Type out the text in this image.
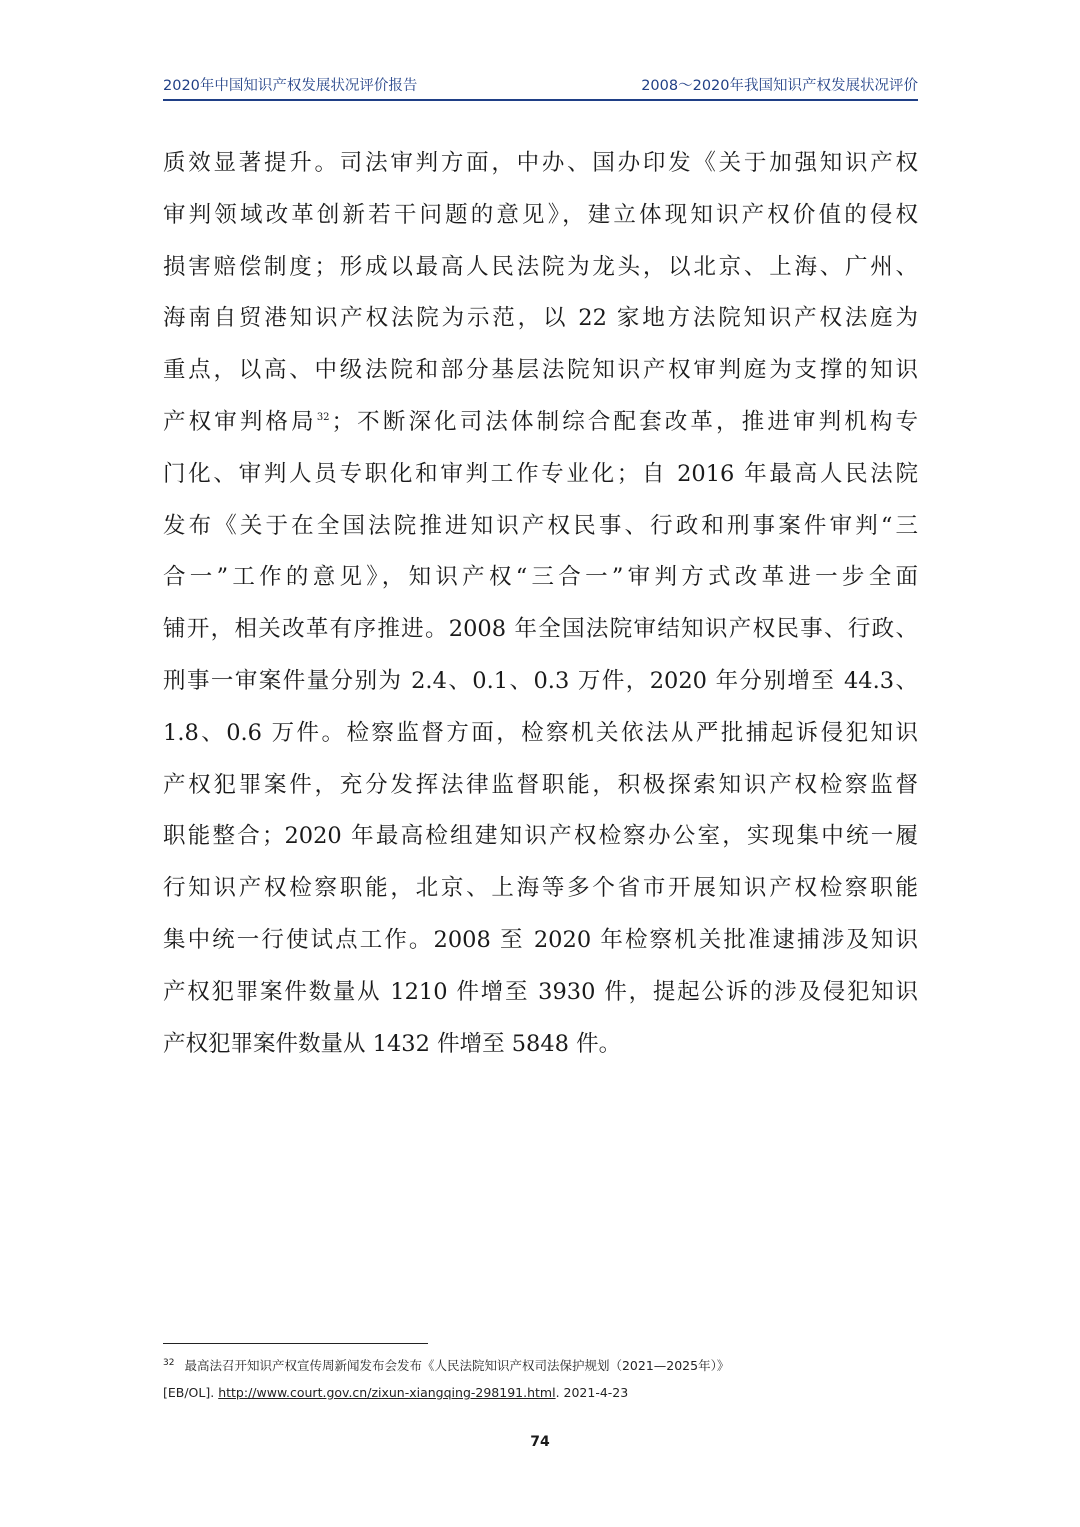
2020年中国知识产权发展状况评价报告	2008～2020年我国知识产权发展状况评价
质效显著提升。司法审判方面，中办、国办印发《关于加强知识产权
审判领域改革创新若干问题的意见》，建立体现知识产权价值的侵权
损害赔偿制度；形成以最高人民法院为龙头，以北京、上海、广州、
海南自贸港知识产权法院为示范，以 22 家地方法院知识产权法庭为
重点，以高、中级法院和部分基层法院知识产权审判庭为支撑的知识
产权审判格局$^{32}$；不断深化司法体制综合配套改革，推进审判机构专
门化、审判人员专职化和审判工作专业化；自 2016 年最高人民法院
发布《关于在全国法院推进知识产权民事、行政和刑事案件审判“三
合一”工作的意见》，知识产权“三合一”审判方式改革进一步全面
铺开，相关改革有序推进。2008 年全国法院审结知识产权民事、行政、
刑事一审案件量分别为 2.4、0.1、0.3 万件，2020 年分别增至 44.3、
1.8、0.6 万件。检察监督方面，检察机关依法从严批捕起诉侵犯知识
产权犯罪案件，充分发挥法律监督职能，积极探索知识产权检察监督
职能整合；2020 年最高检组建知识产权检察办公室，实现集中统一履
行知识产权检察职能，北京、上海等多个省市开展知识产权检察职能
集中统一行使试点工作。2008 至 2020 年检察机关批准逮捕涉及知识
产权犯罪案件数量从 1210 件增至 3930 件，提起公诉的涉及侵犯知识
产权犯罪案件数量从 1432 件增至 5848 件。
$^{32}$ 最高法召开知识产权宣传周新闻发布会发布《人民法院知识产权司法保护规划（2021—2025年）》
[EB/OL]. http://www.court.gov.cn/zixun-xiangqing-298191.html. 2021-4-23
74
